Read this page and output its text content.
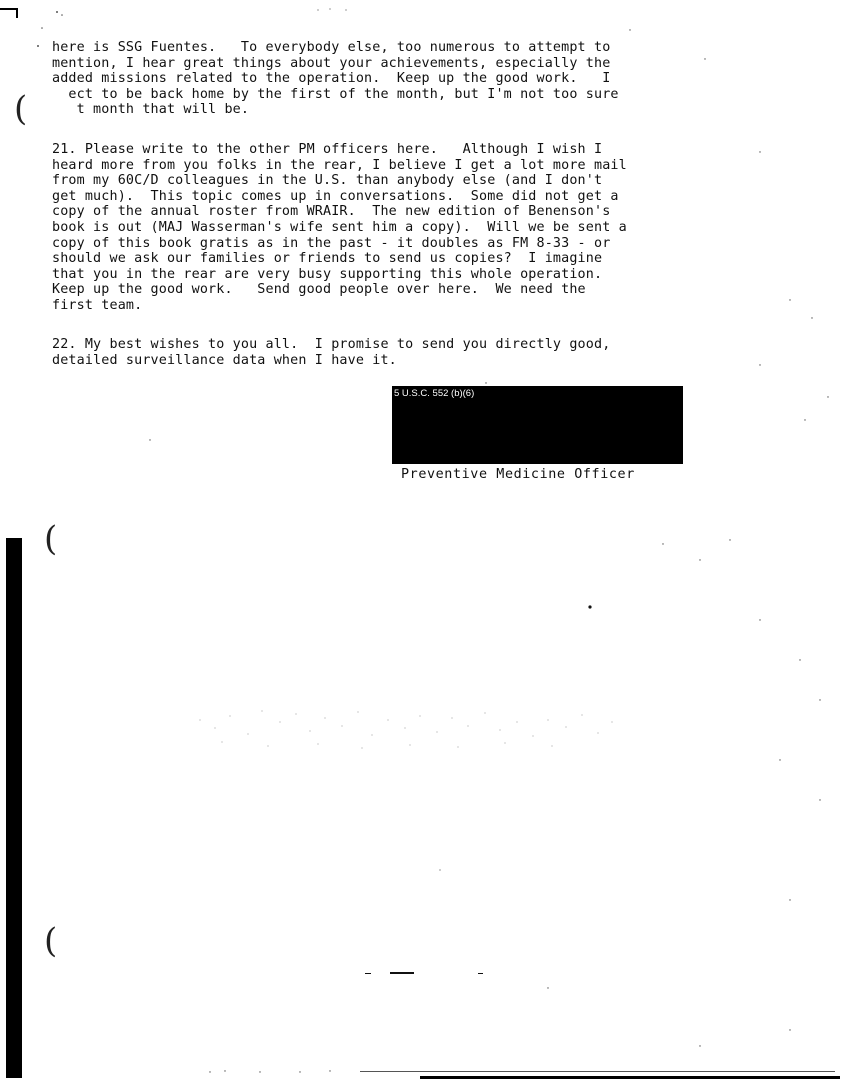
here is SSG Fuentes.   To everybody else, too numerous to attempt to
mention, I hear great things about your achievements, especially the
added missions related to the operation.  Keep up the good work.   I
ect to be back home by the first of the month, but I'm not too sure
t month that will be.
21. Please write to the other PM officers here.   Although I wish I
heard more from you folks in the rear, I believe I get a lot more mail
from my 60C/D colleagues in the U.S. than anybody else (and I don't
get much).  This topic comes up in conversations.  Some did not get a
copy of the annual roster from WRAIR.  The new edition of Benenson's
book is out (MAJ Wasserman's wife sent him a copy).  Will we be sent a
copy of this book gratis as in the past - it doubles as FM 8-33 - or
should we ask our families or friends to send us copies?  I imagine
that you in the rear are very busy supporting this whole operation.
Keep up the good work.   Send good people over here.  We need the
first team.
22. My best wishes to you all.  I promise to send you directly good,
detailed surveillance data when I have it.
5 U.S.C. 552 (b)(6)
Preventive Medicine Officer
(
(
(
